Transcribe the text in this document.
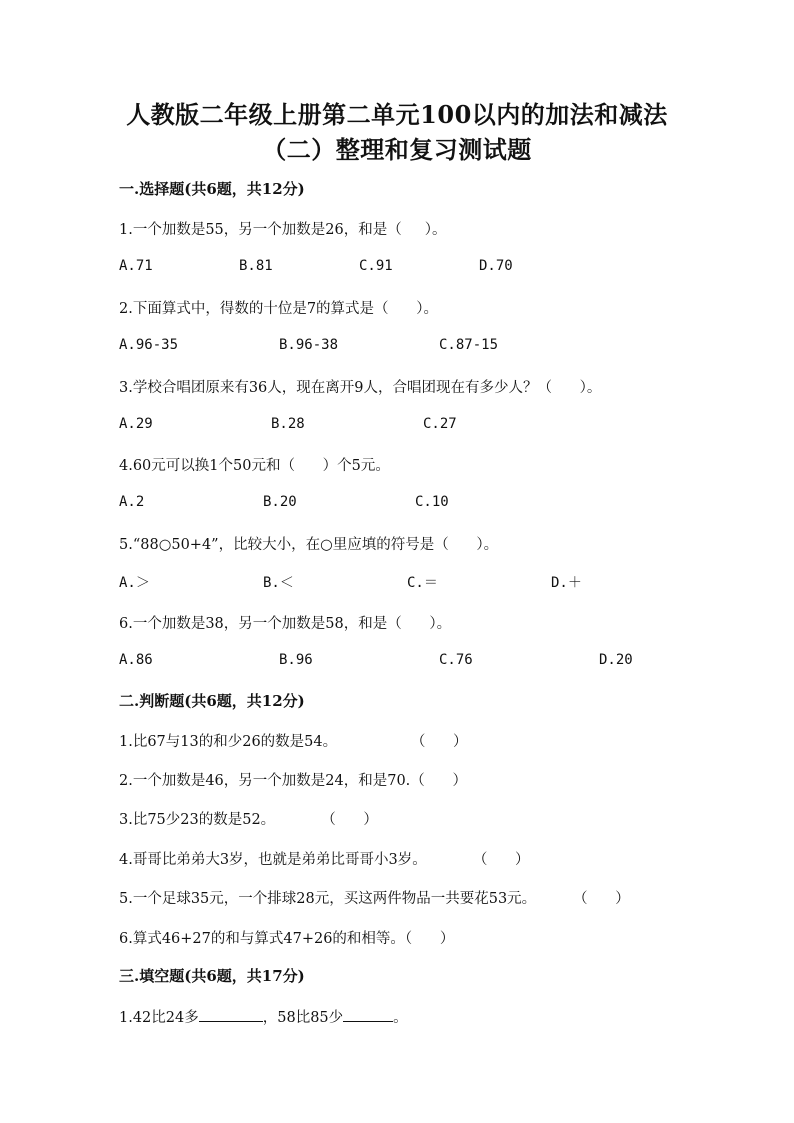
人教版二年级上册第二单元100以内的加法和减法
（二）整理和复习测试题
一.选择题(共6题，共12分)
1.一个加数是55，另一个加数是26，和是（     ）。
A.71	B.81	C.91	D.70
2.下面算式中，得数的十位是7的算式是（      ）。
A.96-35	B.96-38	C.87-15
3.学校合唱团原来有36人，现在离开9人，合唱团现在有多少人？（      ）。
A.29	B.28	C.27
4.60元可以换1个50元和（      ）个5元。
A.2	B.20	C.10
5.“88○50+4”，比较大小，在○里应填的符号是（      ）。
A.＞	B.＜	C.＝	D.＋
6.一个加数是38，另一个加数是58，和是（      ）。
A.86	B.96	C.76	D.20
二.判断题(共6题，共12分)
1.比67与13的和少26的数是54。                （      ）
2.一个加数是46，另一个加数是24，和是70.（      ）
3.比75少23的数是52。          （      ）
4.哥哥比弟弟大3岁，也就是弟弟比哥哥小3岁。          （      ）
5.一个足球35元，一个排球28元，买这两件物品一共要花53元。        （      ）
6.算式46+27的和与算式47+26的和相等。（      ）
三.填空题(共6题，共17分)
1.42比24多	，58比85少	。
